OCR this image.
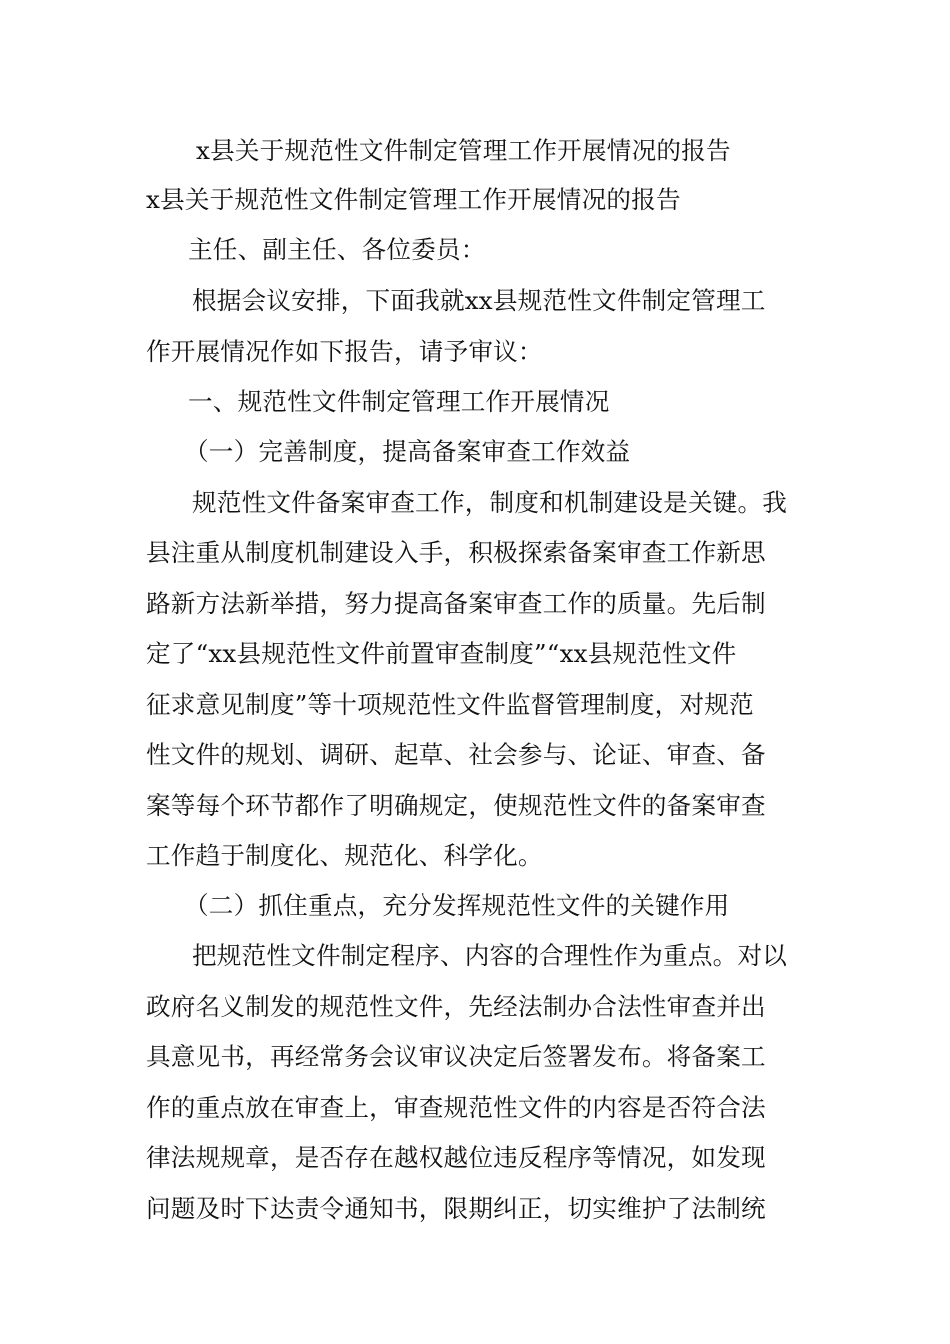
x县关于规范性文件制定管理工作开展情况的报告
x县关于规范性文件制定管理工作开展情况的报告
主任、副主任、各位委员：
根据会议安排，下面我就xx县规范性文件制定管理工
作开展情况作如下报告，请予审议：
一、规范性文件制定管理工作开展情况
（一）完善制度，提高备案审查工作效益
规范性文件备案审查工作，制度和机制建设是关键。我
县注重从制度机制建设入手，积极探索备案审查工作新思
路新方法新举措，努力提高备案审查工作的质量。先后制
定了“xx县规范性文件前置审查制度”“xx县规范性文件
征求意见制度”等十项规范性文件监督管理制度，对规范
性文件的规划、调研、起草、社会参与、论证、审查、备
案等每个环节都作了明确规定，使规范性文件的备案审查
工作趋于制度化、规范化、科学化。
（二）抓住重点，充分发挥规范性文件的关键作用
把规范性文件制定程序、内容的合理性作为重点。对以
政府名义制发的规范性文件，先经法制办合法性审查并出
具意见书，再经常务会议审议决定后签署发布。将备案工
作的重点放在审查上，审查规范性文件的内容是否符合法
律法规规章，是否存在越权越位违反程序等情况，如发现
问题及时下达责令通知书，限期纠正，切实维护了法制统
